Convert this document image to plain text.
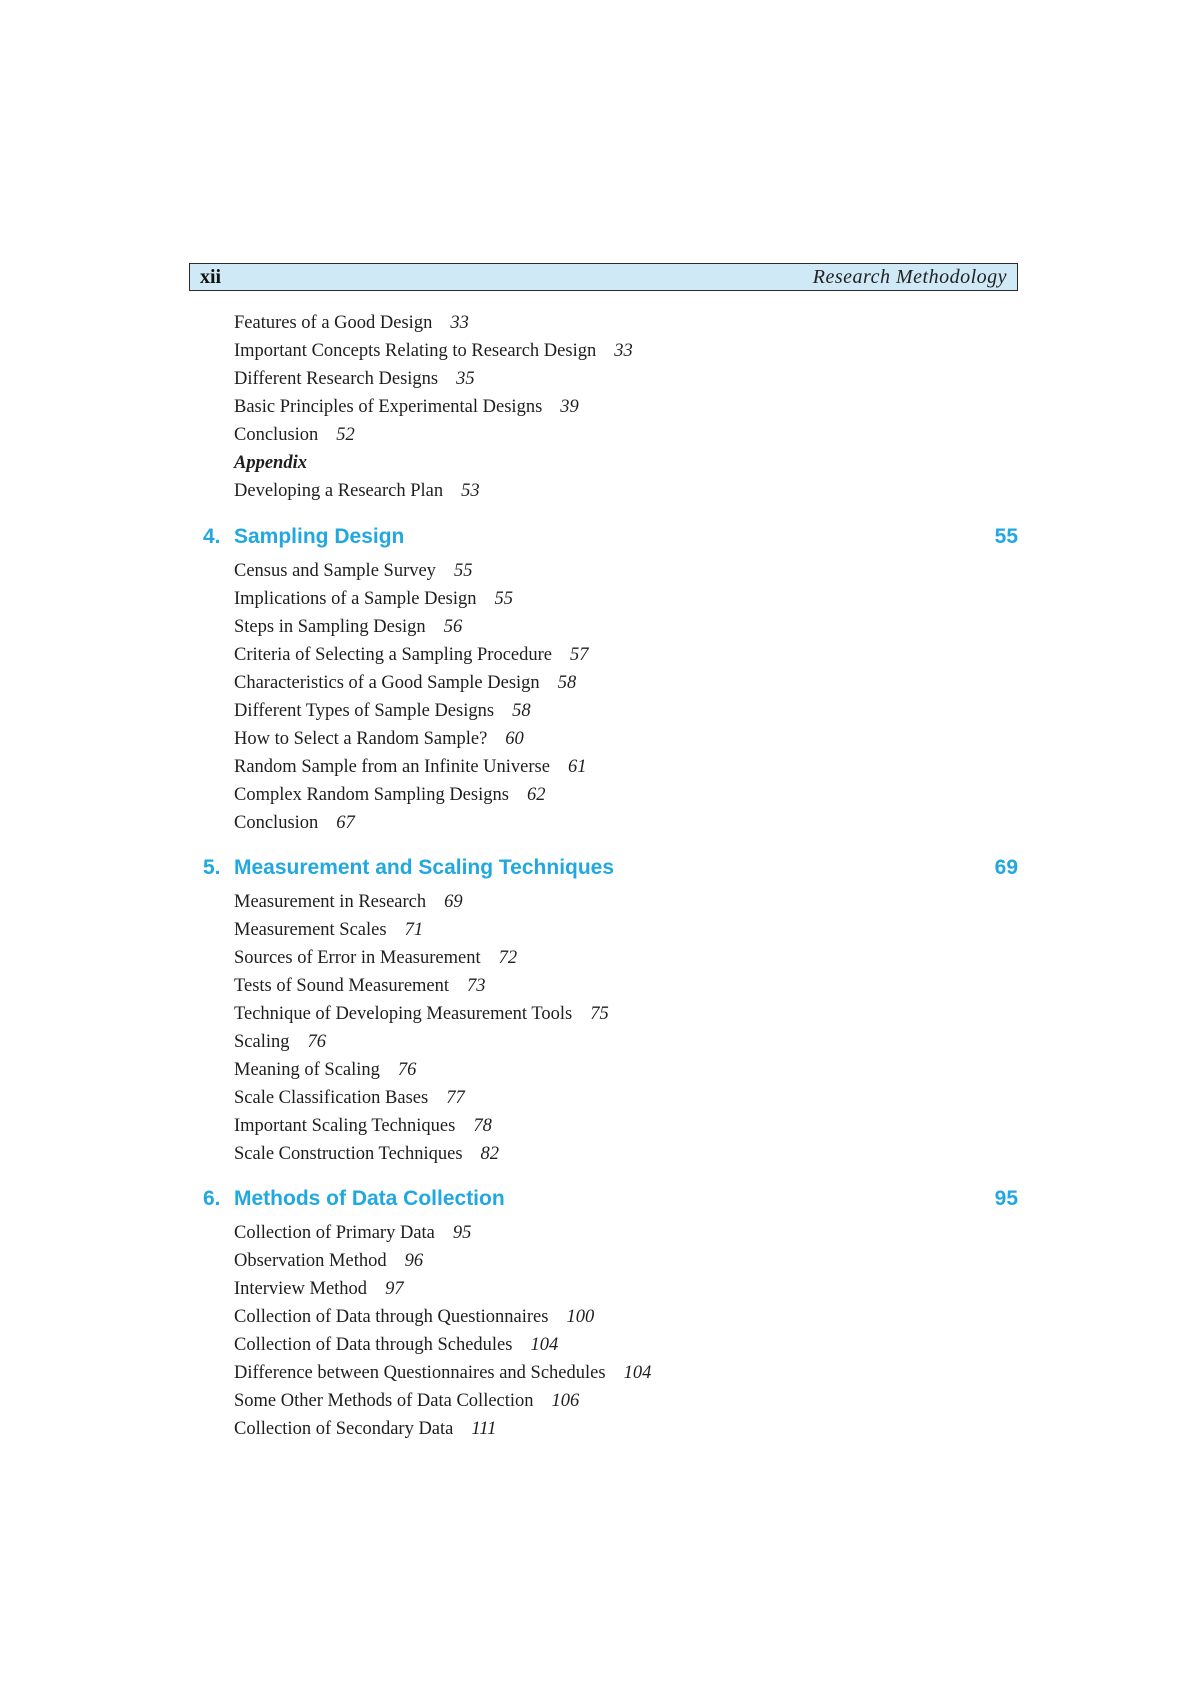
xii	Research Methodology
Features of a Good Design 33
Important Concepts Relating to Research Design 33
Different Research Designs 35
Basic Principles of Experimental Designs 39
Conclusion 52
Appendix
Developing a Research Plan 53
4. Sampling Design	55
Census and Sample Survey 55
Implications of a Sample Design 55
Steps in Sampling Design 56
Criteria of Selecting a Sampling Procedure 57
Characteristics of a Good Sample Design 58
Different Types of Sample Designs 58
How to Select a Random Sample? 60
Random Sample from an Infinite Universe 61
Complex Random Sampling Designs 62
Conclusion 67
5. Measurement and Scaling Techniques	69
Measurement in Research 69
Measurement Scales 71
Sources of Error in Measurement 72
Tests of Sound Measurement 73
Technique of Developing Measurement Tools 75
Scaling 76
Meaning of Scaling 76
Scale Classification Bases 77
Important Scaling Techniques 78
Scale Construction Techniques 82
6. Methods of Data Collection	95
Collection of Primary Data 95
Observation Method 96
Interview Method 97
Collection of Data through Questionnaires 100
Collection of Data through Schedules 104
Difference between Questionnaires and Schedules 104
Some Other Methods of Data Collection 106
Collection of Secondary Data 111
